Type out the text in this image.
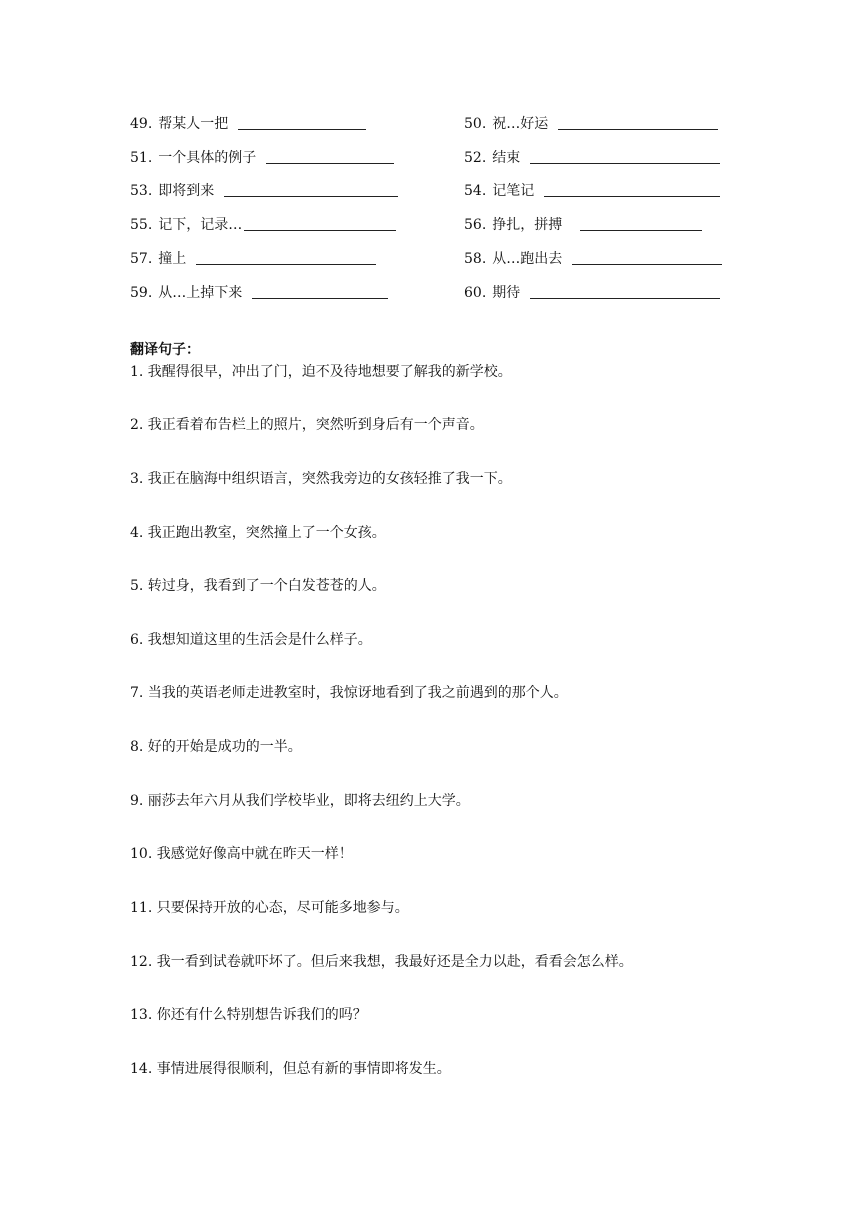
49. 帮某人一把	50. 祝…好运
51. 一个具体的例子	52. 结束
53. 即将到来	54. 记笔记
55. 记下，记录…	56. 挣扎，拼搏
57. 撞上	58. 从…跑出去
59. 从…上掉下来	60. 期待
翻译句子：
1. 我醒得很早，冲出了门，迫不及待地想要了解我的新学校。
2. 我正看着布告栏上的照片，突然听到身后有一个声音。
3. 我正在脑海中组织语言，突然我旁边的女孩轻推了我一下。
4. 我正跑出教室，突然撞上了一个女孩。
5. 转过身，我看到了一个白发苍苍的人。
6. 我想知道这里的生活会是什么样子。
7. 当我的英语老师走进教室时，我惊讶地看到了我之前遇到的那个人。
8. 好的开始是成功的一半。
9. 丽莎去年六月从我们学校毕业，即将去纽约上大学。
10. 我感觉好像高中就在昨天一样！
11. 只要保持开放的心态，尽可能多地参与。
12. 我一看到试卷就吓坏了。但后来我想，我最好还是全力以赴，看看会怎么样。
13. 你还有什么特别想告诉我们的吗？
14. 事情进展得很顺利，但总有新的事情即将发生。
